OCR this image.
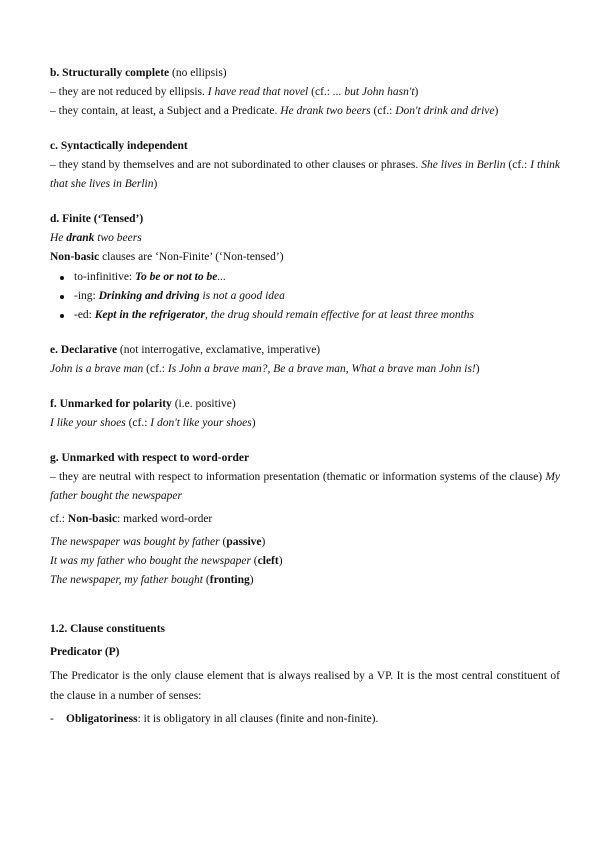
b. Structurally complete (no ellipsis)

– they are not reduced by ellipsis. I have read that novel (cf.: ... but John hasn't)

– they contain, at least, a Subject and a Predicate. He drank two beers (cf.: Don't drink and drive)

c. Syntactically independent

– they stand by themselves and are not subordinated to other clauses or phrases. She lives in Berlin (cf.: I think that she lives in Berlin)

d. Finite (‘Tensed’)

He drank two beers

Non-basic clauses are ‘Non-Finite’ (‘Non-tensed’)

to-infinitive: To be or not to be...
-ing: Drinking and driving is not a good idea
-ed: Kept in the refrigerator, the drug should remain effective for at least three months

e. Declarative (not interrogative, exclamative, imperative)

John is a brave man (cf.: Is John a brave man?, Be a brave man, What a brave man John is!)

f. Unmarked for polarity (i.e. positive)

I like your shoes (cf.: I don't like your shoes)

g. Unmarked with respect to word-order

– they are neutral with respect to information presentation (thematic or information systems of the clause) My father bought the newspaper

cf.: Non-basic: marked word-order

The newspaper was bought by father (passive)

It was my father who bought the newspaper (cleft)

The newspaper, my father bought (fronting)

1.2. Clause constituents

Predicator (P)

The Predicator is the only clause element that is always realised by a VP. It is the most central constituent of the clause in a number of senses:

- Obligatoriness: it is obligatory in all clauses (finite and non-finite).
